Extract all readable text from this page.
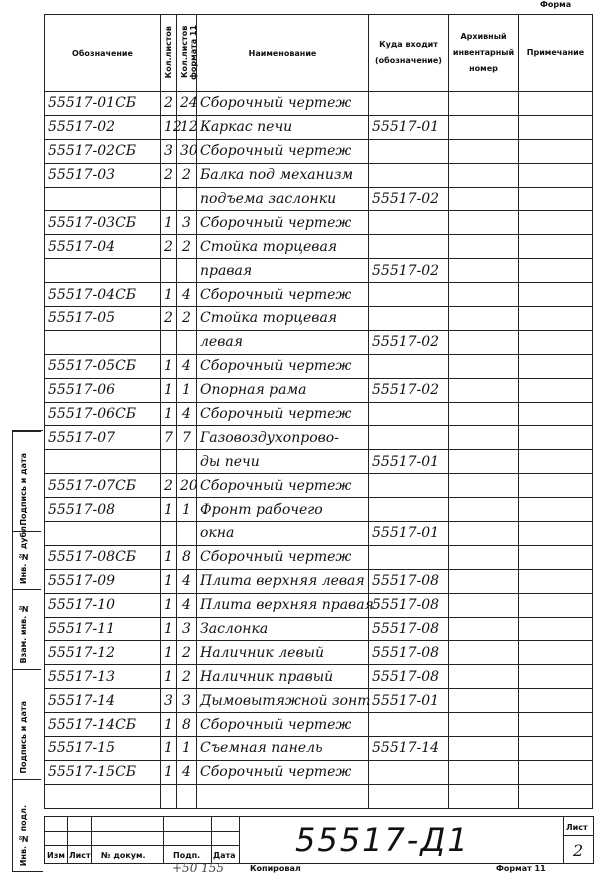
Форма
Обозначение	Кол.листов	Кол.листов формата 11	Наименование	Куда входит (обозначение)	Архивный инвентарный номер	Примечание
55517-01СБ	2	24	Сборочный чертеж			
55517-02	12	12	Каркас печи	55517-01		
55517-02СБ	3	30	Сборочный чертеж			
55517-03	2	2	Балка под механизм			
			подъема заслонки	55517-02		
55517-03СБ	1	3	Сборочный чертеж			
55517-04	2	2	Стойка торцевая			
			правая	55517-02		
55517-04СБ	1	4	Сборочный чертеж			
55517-05	2	2	Стойка торцевая			
			левая	55517-02		
55517-05СБ	1	4	Сборочный чертеж			
55517-06	1	1	Опорная рама	55517-02		
55517-06СБ	1	4	Сборочный чертеж			
55517-07	7	7	Газовоздухопрово-			
			ды печи	55517-01		
55517-07СБ	2	20	Сборочный чертеж			
55517-08	1	1	Фронт рабочего			
			окна	55517-01		
55517-08СБ	1	8	Сборочный чертеж			
55517-09	1	4	Плита верхняя левая	55517-08		
55517-10	1	4	Плита верхняя правая	55517-08		
55517-11	1	3	Заслонка	55517-08		
55517-12	1	2	Наличник левый	55517-08		
55517-13	1	2	Наличник правый	55517-08		
55517-14	3	3	Дымовытяжной зонт	55517-01		
55517-14СБ	1	8	Сборочный чертеж			
55517-15	1	1	Съемная панель	55517-14		
55517-15СБ	1	4	Сборочный чертеж			

Подпись и дата
Инв. № дубл.
Взам. инв. №
Подпись и дата
Инв. № подл. Изм Лист № докум.	Подп. Дата 55517-Д1	Лист
2
+50 155	Копировал	Формат 11
